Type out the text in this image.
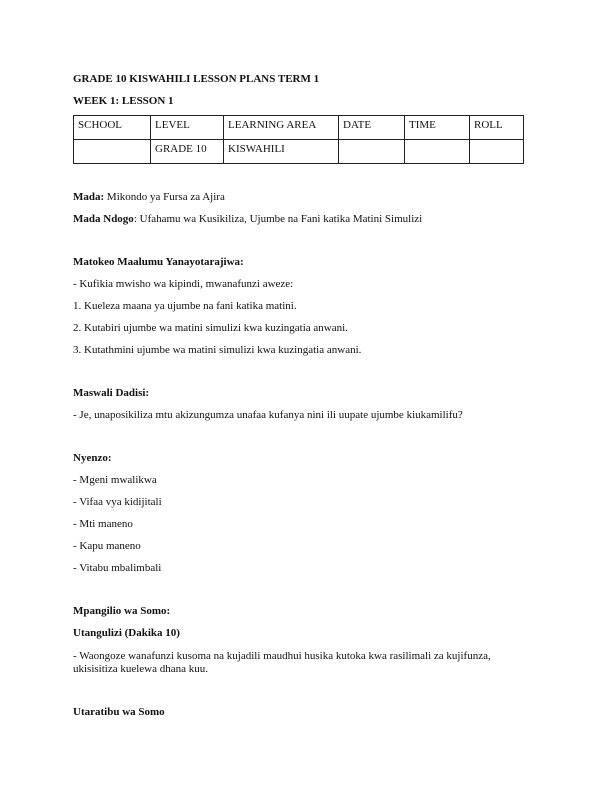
GRADE 10 KISWAHILI LESSON PLANS TERM 1
WEEK 1: LESSON 1
SCHOOL	LEVEL	LEARNING AREA	DATE	TIME	ROLL
	GRADE 10	KISWAHILI			
Mada: Mikondo ya Fursa za Ajira
Mada Ndogo: Ufahamu wa Kusikiliza, Ujumbe na Fani katika Matini Simulizi
Matokeo Maalumu Yanayotarajiwa:
- Kufikia mwisho wa kipindi, mwanafunzi aweze:
1. Kueleza maana ya ujumbe na fani katika matini.
2. Kutabiri ujumbe wa matini simulizi kwa kuzingatia anwani.
3. Kutathmini ujumbe wa matini simulizi kwa kuzingatia anwani.
Maswali Dadisi:
- Je, unaposikiliza mtu akizungumza unafaa kufanya nini ili uupate ujumbe kiukamilifu?
Nyenzo:
- Mgeni mwalikwa
- Vifaa vya kidijitali
- Mti maneno
- Kapu maneno
- Vitabu mbalimbali
Mpangilio wa Somo:
Utangulizi (Dakika 10)
- Waongoze wanafunzi kusoma na kujadili maudhui husika kutoka kwa rasilimali za kujifunza, ukisisitiza kuelewa dhana kuu.
Utaratibu wa Somo
